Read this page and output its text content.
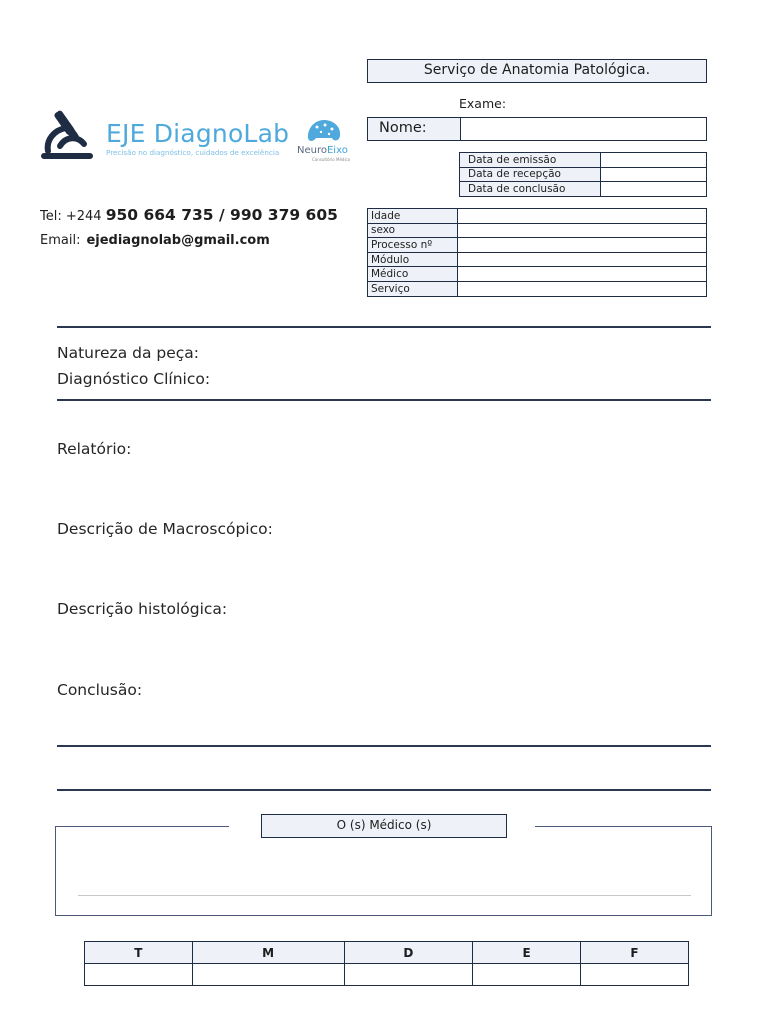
Serviço de Anatomia Patológica.
Exame:
Nome:
Data de emissão	
Data de recepção	
Data de conclusão	
Idade	
sexo	
Processo nº	
Módulo	
Médico	
Serviço	
EJE DiagnoLab
Precisão no diagnóstico, cuidados de excelência NeuroEixo
Consultório Médico
Tel: +244 950 664 735 / 990 379 605
Email: ejediagnolab@gmail.com
Natureza da peça:
Diagnóstico Clínico:
Relatório:
Descrição de Macroscópico:
Descrição histológica:
Conclusão:
O (s) Médico (s)
T	M	D	E	F
